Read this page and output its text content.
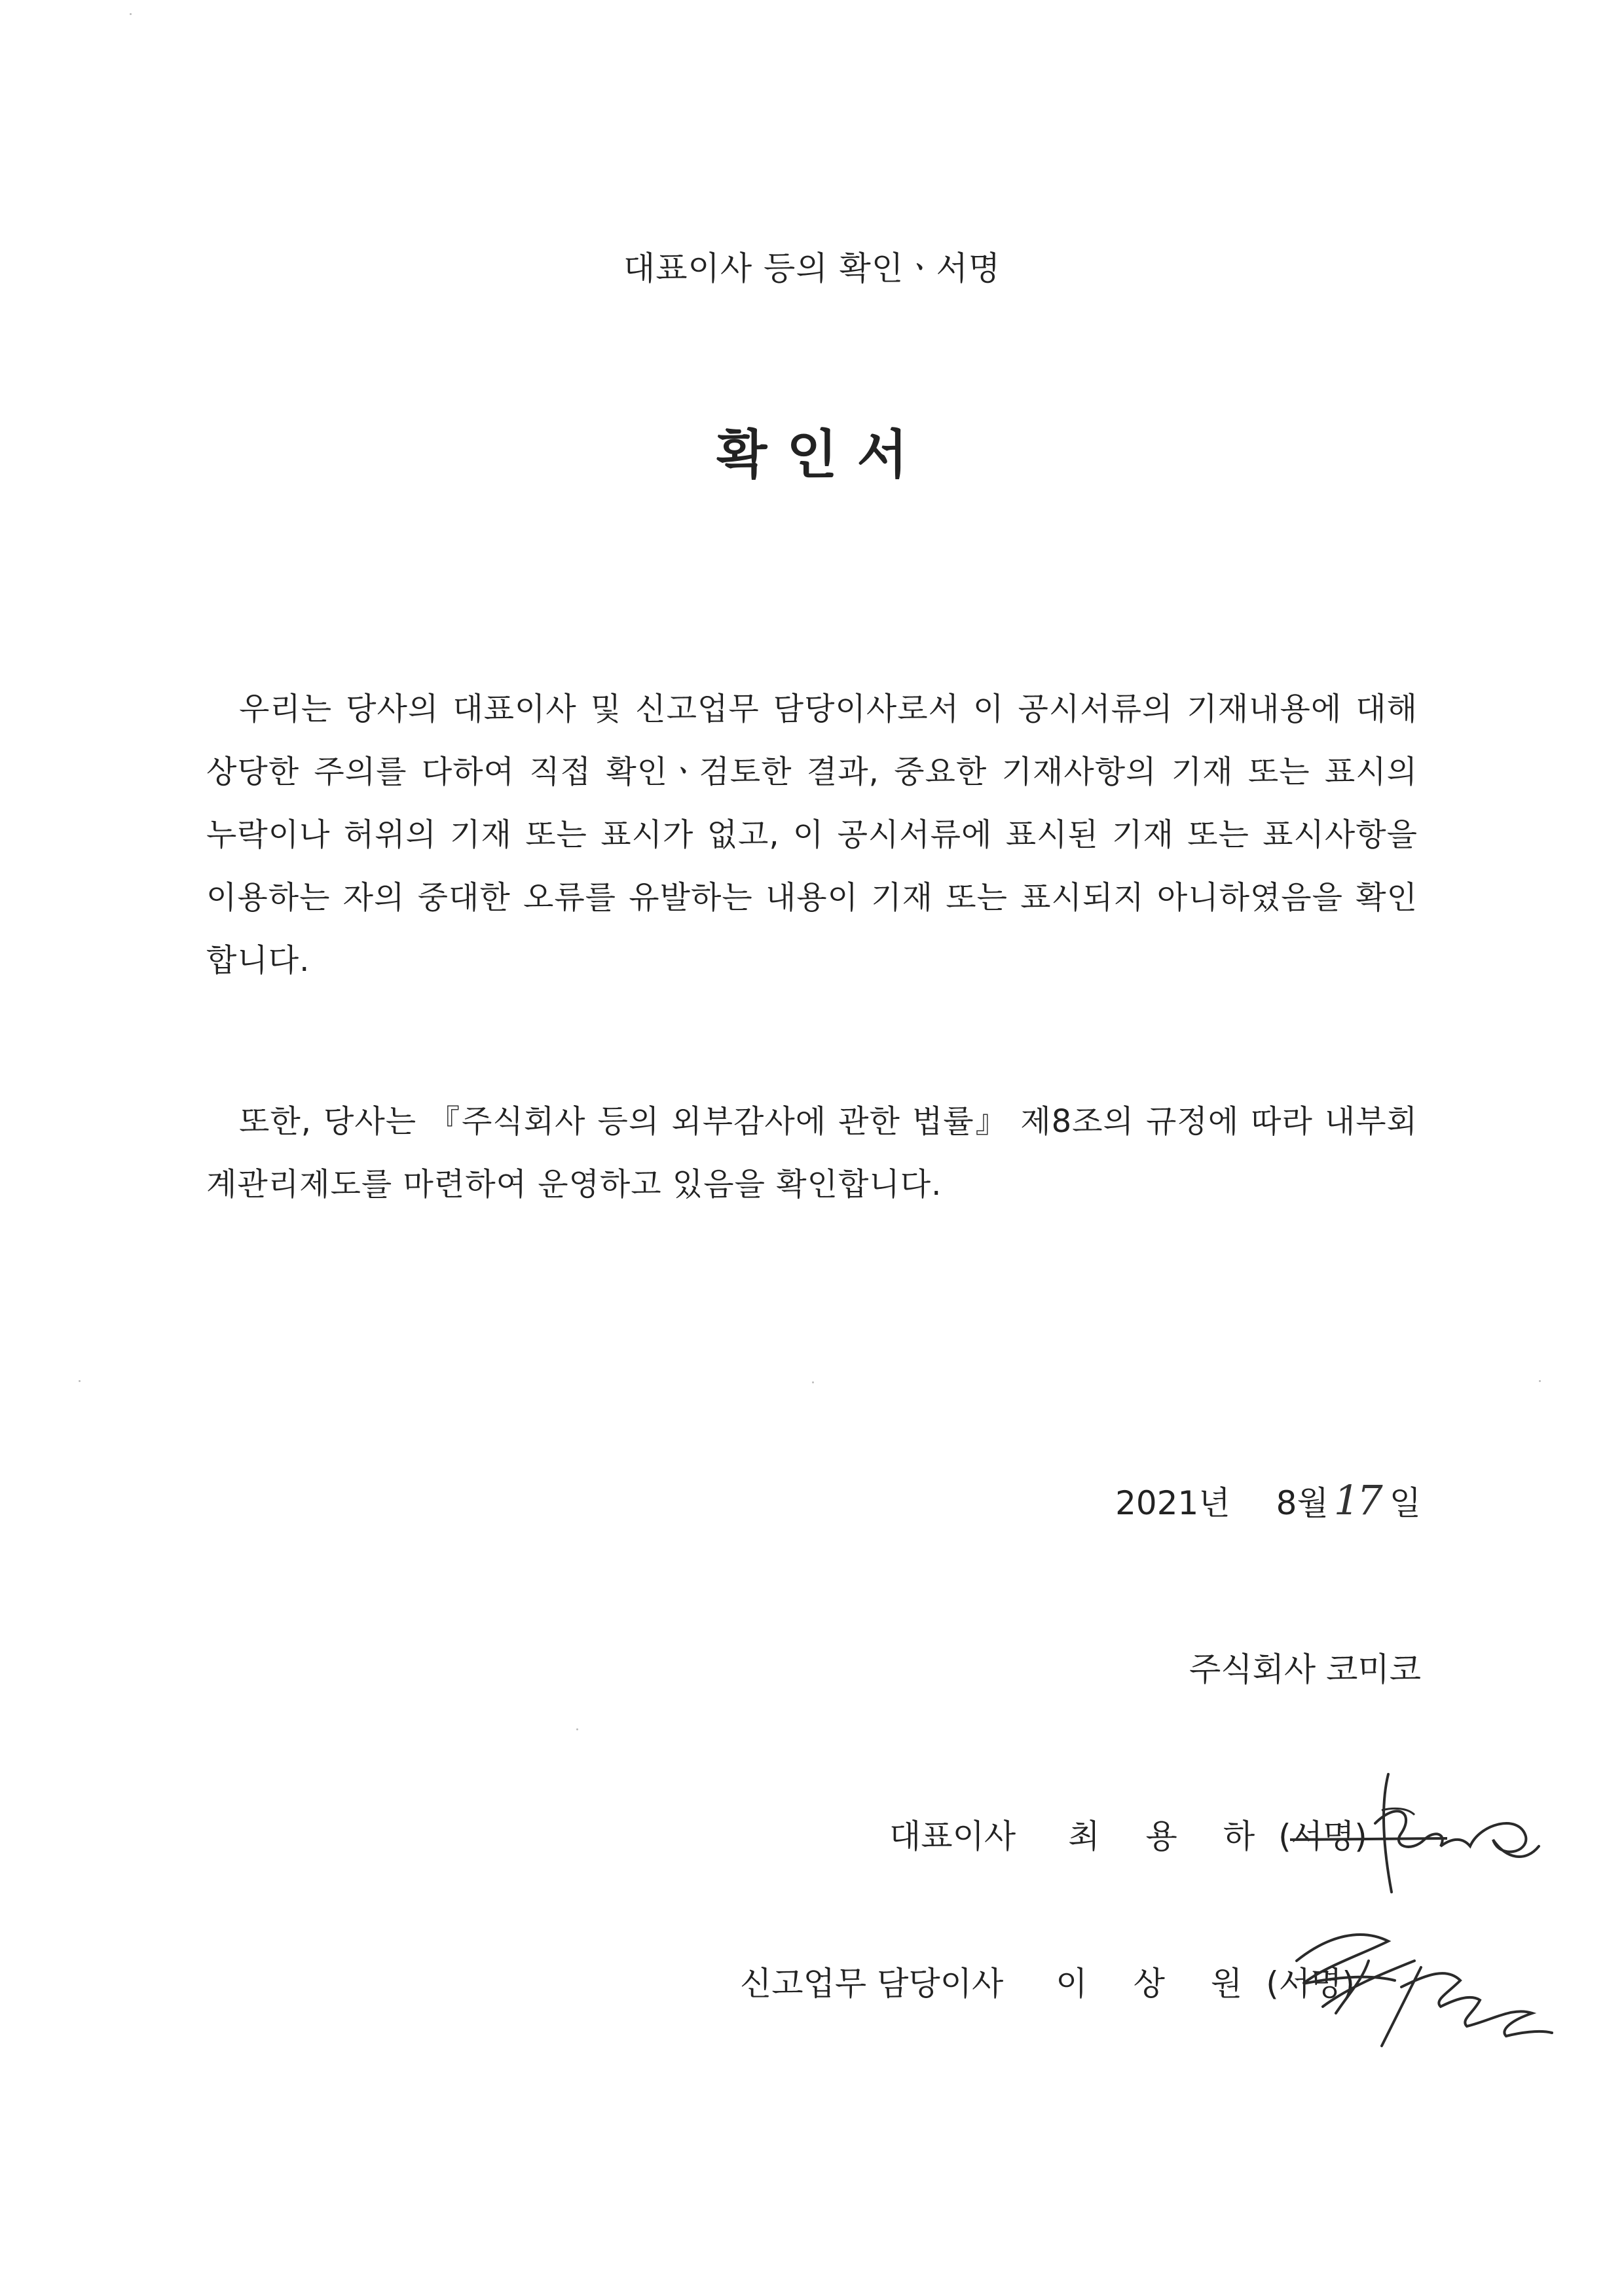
대표이사 등의 확인ㆍ서명
확인서
우리는 당사의 대표이사 및 신고업무 담당이사로서 이 공시서류의 기재내용에 대해 상당한 주의를 다하여 직접 확인ㆍ검토한 결과, 중요한 기재사항의 기재 또는 표시의 누락이나 허위의 기재 또는 표시가 없고, 이 공시서류에 표시된 기재 또는 표시사항을 이용하는 자의 중대한 오류를 유발하는 내용이 기재 또는 표시되지 아니하였음을 확인합니다.
또한, 당사는 『주식회사 등의 외부감사에 관한 법률』 제8조의 규정에 따라 내부회계관리제도를 마련하여 운영하고 있음을 확인합니다.
2021년 8월 17 일
주식회사 코미코
대표이사 최 용 하 (서명)
신고업무 담당이사 이 상 원 (서명)
